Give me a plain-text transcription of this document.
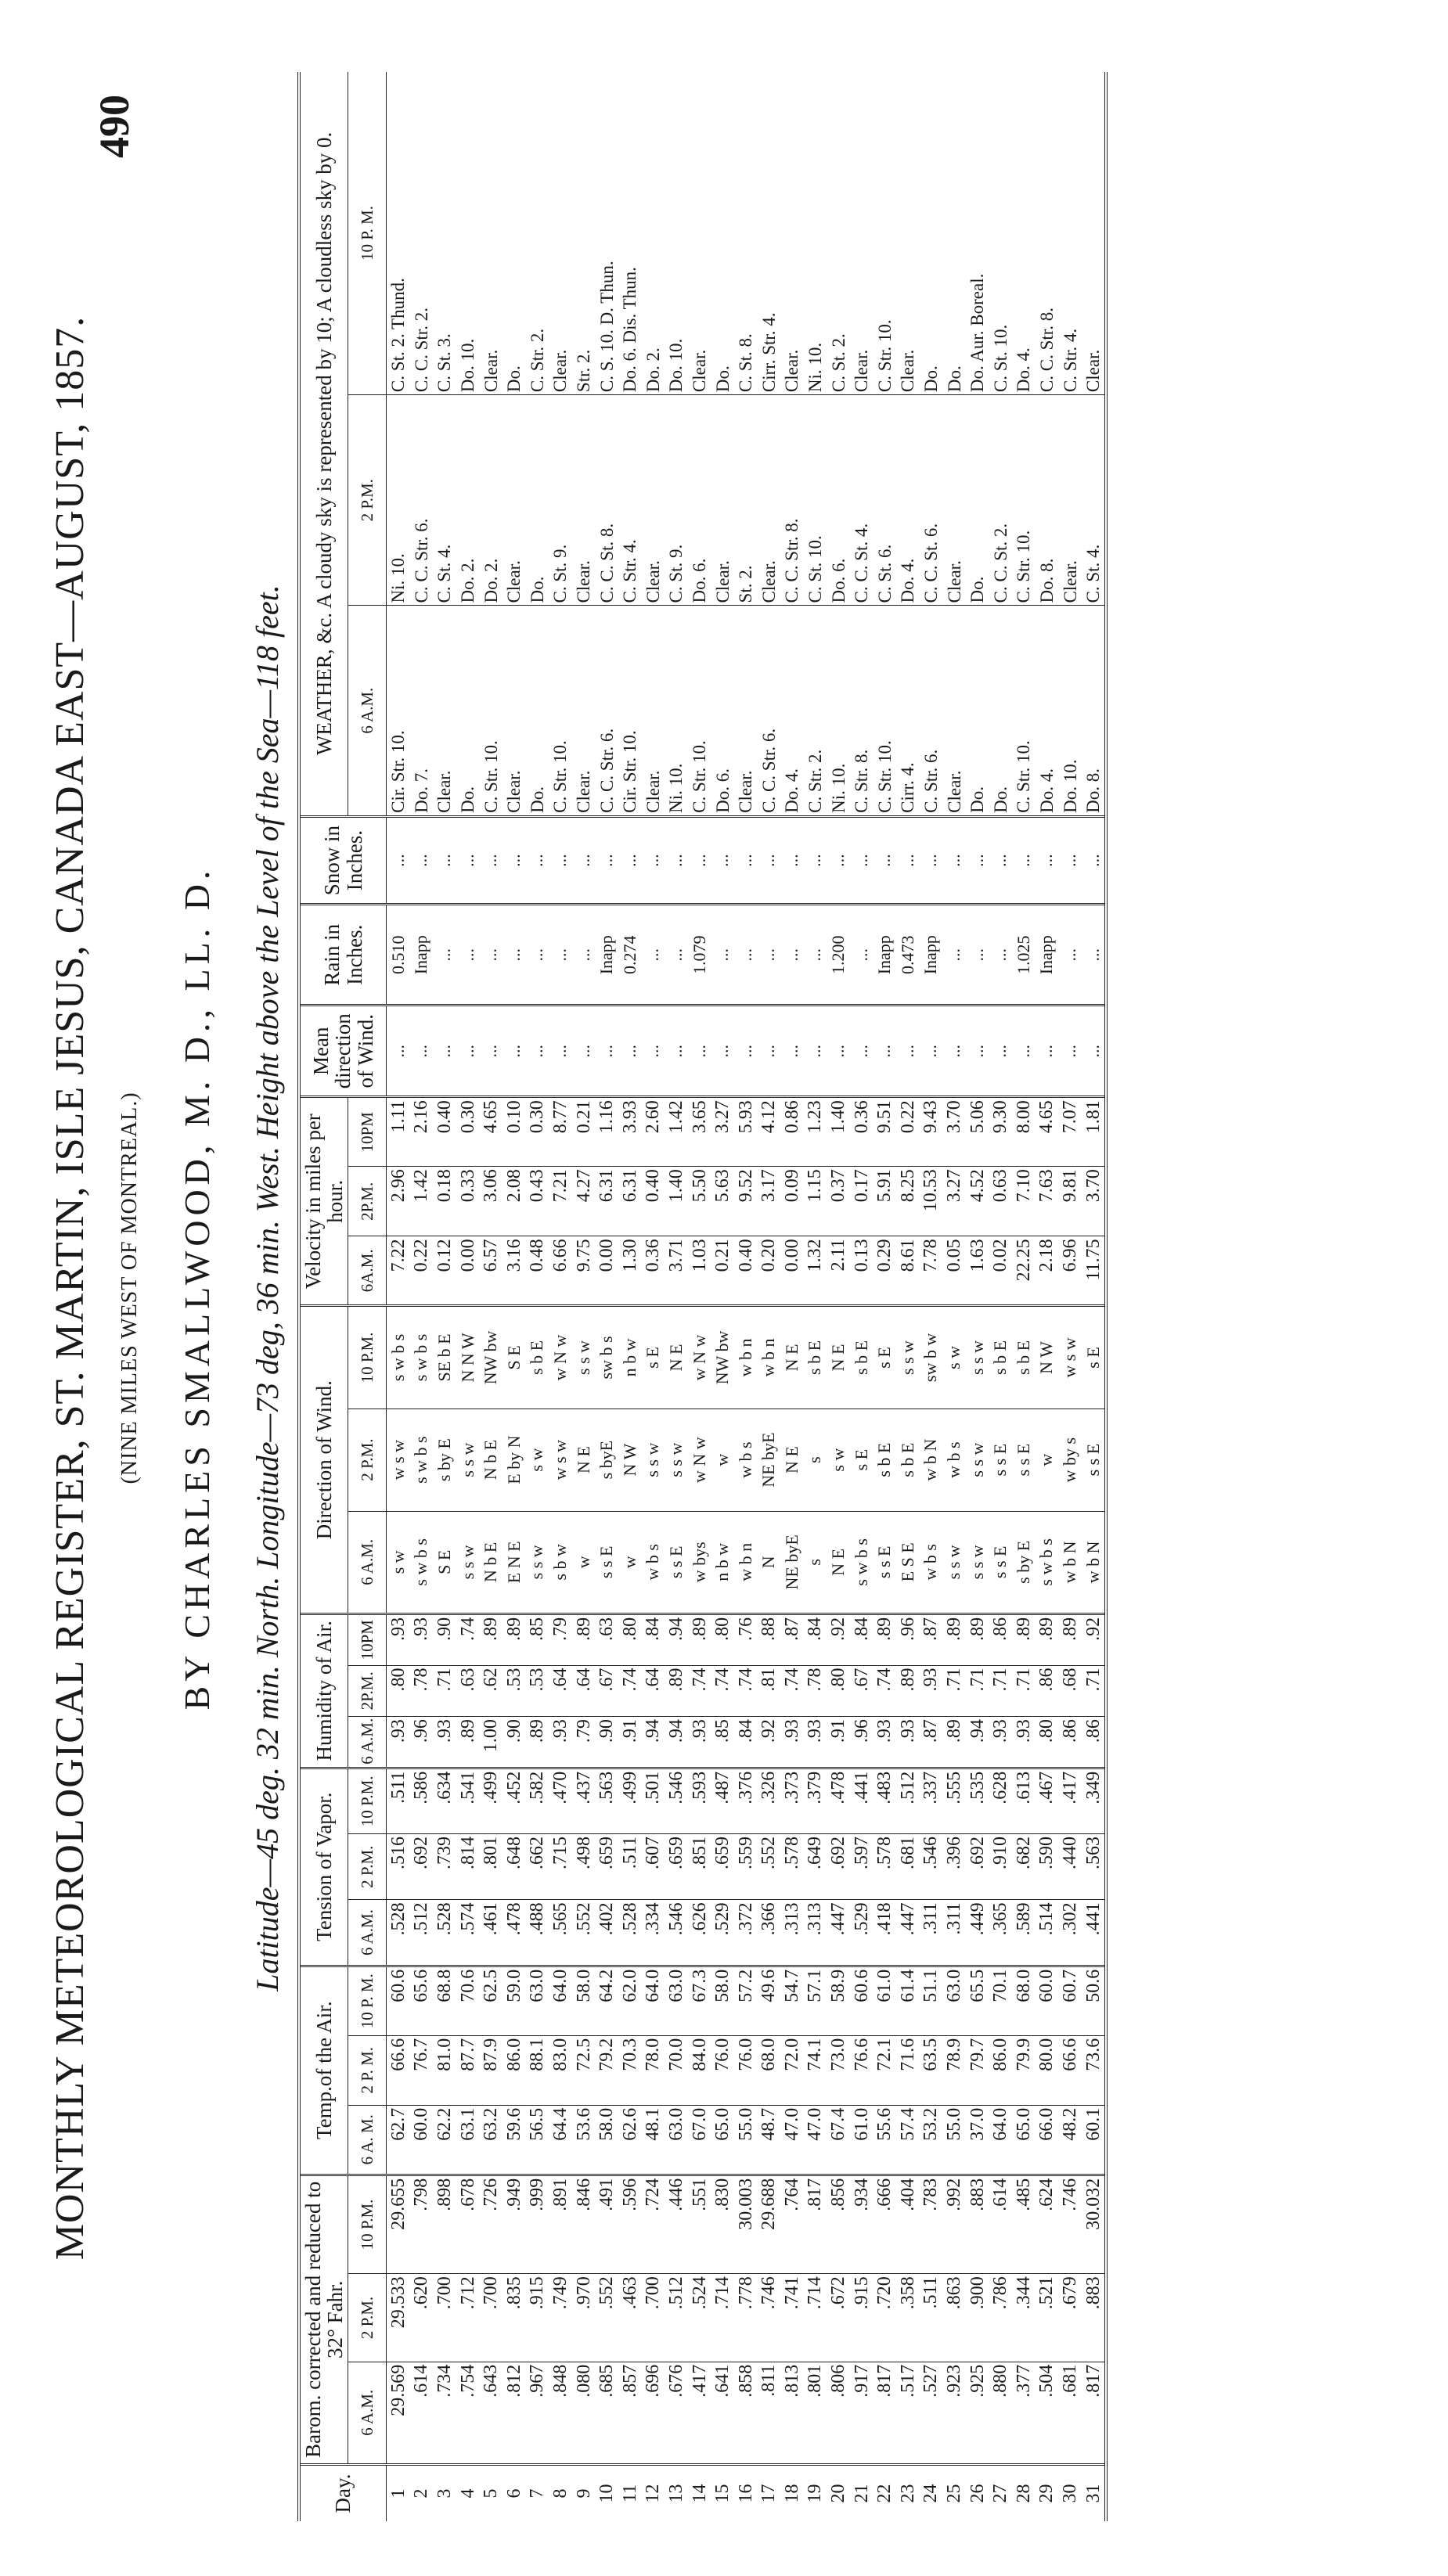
490
MONTHLY METEOROLOGICAL REGISTER, ST. MARTIN, ISLE JESUS, CANADA EAST—AUGUST, 1857. (NINE MILES WEST OF MONTREAL.) BY CHARLES SMALLWOOD, M. D., LL. D. Latitude—45 deg. 32 min. North. Longitude—73 deg, 36 min. West. Height above the Level of the Sea—118 feet.
Day.	Barom. corrected and reduced to 32° Fahr.			Temp.of the Air.			Tension of Vapor.			Humidity of Air.			Direction of Wind.			Velocity in miles per hour.			Mean direction of Wind.	Rain in Inches.	Snow in Inches.	WEATHER, &c. A cloudy sky is represented by 10; A cloudless sky by 0.		
	6 A.M.	2 P.M.	10 P.M.	6 A. M.	2 P. M.	10 P. M.	6 A.M.	2 P.M.	10 P.M.	6 A.M.	2P.M.	10PM	6 A.M.	2 P.M.	10 P.M.	6A.M.	2P.M.	10PM				6 A.M.	2 P.M.	10 P. M.
1	29.569	29.533	29.655	62.7	66.6	60.6	.528	.516	.511	.93	.80	.93	s w	w s w	s w b s	7.22	2.96	1.11	...	0.510	...	Cir. Str. 10.	Ni. 10.	C. St. 2. Thund.
2	.614	.620	.798	60.0	76.7	65.6	.512	.692	.586	.96	.78	.93	s w b s	s w b s	s w b s	0.22	1.42	2.16	...	Inapp	...	Do. 7.	C. C. Str. 6.	C. C. Str. 2.
3	.734	.700	.898	62.2	81.0	68.8	.528	.739	.634	.93	.71	.90	S E	s by E	SE b E	0.12	0.18	0.40	...	...	...	Clear.	C. St. 4.	C. St. 3.
4	.754	.712	.678	63.1	87.7	70.6	.574	.814	.541	.89	.63	.74	s s w	s s w	N N W	0.00	0.33	0.30	...	...	...	Do.	Do. 2.	Do. 10.
5	.643	.700	.726	63.2	87.9	62.5	.461	.801	.499	1.00	.62	.89	N b E	N b E	NW bw	6.57	3.06	4.65	...	...	...	C. Str. 10.	Do. 2.	Clear.
6	.812	.835	.949	59.6	86.0	59.0	.478	.648	.452	.90	.53	.89	E N E	E by N	S E	3.16	2.08	0.10	...	...	...	Clear.	Clear.	Do.
7	.967	.915	.999	56.5	88.1	63.0	.488	.662	.582	.89	.53	.85	s s w	s w	s b E	0.48	0.43	0.30	...	...	...	Do.	Do.	C. Str. 2.
8	.848	.749	.891	64.4	83.0	64.0	.565	.715	.470	.93	.64	.79	s b w	w s w	w N w	6.66	7.21	8.77	...	...	...	C. Str. 10.	C. St. 9.	Clear.
9	.080	.970	.846	53.6	72.5	58.0	.552	.498	.437	.79	.64	.89	w	N E	s s w	9.75	4.27	0.21	...	...	...	Clear.	Clear.	Str. 2.
10	.685	.552	.491	58.0	79.2	64.2	.402	.659	.563	.90	.67	.63	s s E	s byE	sw b s	0.00	6.31	1.16	...	Inapp	...	C. C. Str. 6.	C. C. St. 8.	C. S. 10. D. Thun.
11	.857	.463	.596	62.6	70.3	62.0	.528	.511	.499	.91	.74	.80	w	N W	n b w	1.30	6.31	3.93	...	0.274	...	Cir. Str. 10.	C. Str. 4.	Do. 6. Dis. Thun.
12	.696	.700	.724	48.1	78.0	64.0	.334	.607	.501	.94	.64	.84	w b s	s s w	s E	0.36	0.40	2.60	...	...	...	Clear.	Clear.	Do. 2.
13	.676	.512	.446	63.0	70.0	63.0	.546	.659	.546	.94	.89	.94	s s E	s s w	N E	3.71	1.40	1.42	...	...	...	Ni. 10.	C. St. 9.	Do. 10.
14	.417	.524	.551	67.0	84.0	67.3	.626	.851	.593	.93	.74	.89	w bys	w N w	w N w	1.03	5.50	3.65	...	1.079	...	C. Str. 10.	Do. 6.	Clear.
15	.641	.714	.830	65.0	76.0	58.0	.529	.659	.487	.85	.74	.80	n b w	w	NW bw	0.21	5.63	3.27	...	...	...	Do. 6.	Clear.	Do.
16	.858	.778	30.003	55.0	76.0	57.2	.372	.559	.376	.84	.74	.76	w b n	w b s	w b n	0.40	9.52	5.93	...	...	...	Clear.	St. 2.	C. St. 8.
17	.811	.746	29.688	48.7	68.0	49.6	.366	.552	.326	.92	.81	.88	N	NE byE	w b n	0.20	3.17	4.12	...	...	...	C. C. Str. 6.	Clear.	Cirr. Str. 4.
18	.813	.741	.764	47.0	72.0	54.7	.313	.578	.373	.93	.74	.87	NE byE	N E	N E	0.00	0.09	0.86	...	...	...	Do. 4.	C. C. Str. 8.	Clear.
19	.801	.714	.817	47.0	74.1	57.1	.313	.649	.379	.93	.78	.84	s	s	s b E	1.32	1.15	1.23	...	...	...	C. Str. 2.	C. St. 10.	Ni. 10.
20	.806	.672	.856	67.4	73.0	58.9	.447	.692	.478	.91	.80	.92	N E	s w	N E	2.11	0.37	1.40	...	1.200	...	Ni. 10.	Do. 6.	C. St. 2.
21	.917	.915	.934	61.0	76.6	60.6	.529	.597	.441	.96	.67	.84	s w b s	s E	s b E	0.13	0.17	0.36	...	...	...	C. Str. 8.	C. C. St. 4.	Clear.
22	.817	.720	.666	55.6	72.1	61.0	.418	.578	.483	.93	.74	.89	s s E	s b E	s E	0.29	5.91	9.51	...	Inapp	...	C. Str. 10.	C. St. 6.	C. Str. 10.
23	.517	.358	.404	57.4	71.6	61.4	.447	.681	.512	.93	.89	.96	E S E	s b E	s s w	8.61	8.25	0.22	...	0.473	...	Cirr. 4.	Do. 4.	Clear.
24	.527	.511	.783	53.2	63.5	51.1	.311	.546	.337	.87	.93	.87	w b s	w b N	sw b w	7.78	10.53	9.43	...	Inapp	...	C. Str. 6.	C. C. St. 6.	Do.
25	.923	.863	.992	55.0	78.9	63.0	.311	.396	.555	.89	.71	.89	s s w	w b s	s w	0.05	3.27	3.70	...	...	...	Clear.	Clear.	Do.
26	.925	.900	.883	37.0	79.7	65.5	.449	.692	.535	.94	.71	.89	s s w	s s w	s s w	1.63	4.52	5.06	...	...	...	Do.	Do.	Do. Aur. Boreal.
27	.880	.786	.614	64.0	86.0	70.1	.365	.910	.628	.93	.71	.86	s s E	s s E	s b E	0.02	0.63	9.30	...	...	...	Do.	C. C. St. 2.	C. St. 10.
28	.377	.344	.485	65.0	79.9	68.0	.589	.682	.613	.93	.71	.89	s by E	s s E	s b E	22.25	7.10	8.00	...	1.025	...	C. Str. 10.	C. Str. 10.	Do. 4.
29	.504	.521	.624	66.0	80.0	60.0	.514	.590	.467	.80	.86	.89	s w b s	w	N W	2.18	7.63	4.65	...	Inapp	...	Do. 4.	Do. 8.	C. C. Str. 8.
30	.681	.679	.746	48.2	66.6	60.7	.302	.440	.417	.86	.68	.89	w b N	w by s	w s w	6.96	9.81	7.07	...	...	...	Do. 10.	Clear.	C. Str. 4.
31	.817	.883	30.032	60.1	73.6	50.6	.441	.563	.349	.86	.71	.92	w b N	s s E	s E	11.75	3.70	1.81	...	...	...	Do. 8.	C. St. 4.	Clear.
